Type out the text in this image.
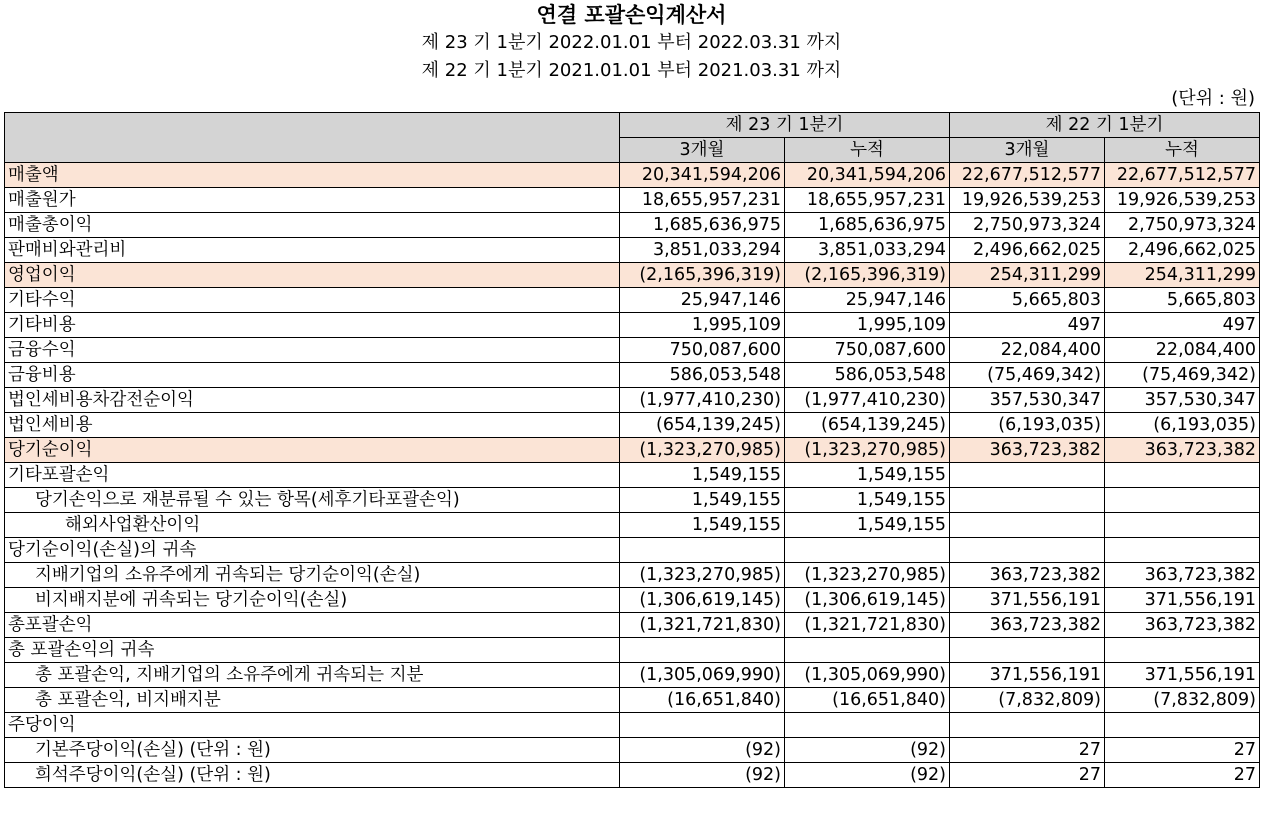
연결 포괄손익계산서
제 23 기 1분기 2022.01.01 부터 2022.03.31 까지
제 22 기 1분기 2021.01.01 부터 2021.03.31 까지
(단위 : 원)
	제 23 기 1분기		제 22 기 1분기	
	3개월	누적	3개월	누적
매출액	20,341,594,206	20,341,594,206	22,677,512,577	22,677,512,577
매출원가	18,655,957,231	18,655,957,231	19,926,539,253	19,926,539,253
매출총이익	1,685,636,975	1,685,636,975	2,750,973,324	2,750,973,324
판매비와관리비	3,851,033,294	3,851,033,294	2,496,662,025	2,496,662,025
영업이익	(2,165,396,319)	(2,165,396,319)	254,311,299	254,311,299
기타수익	25,947,146	25,947,146	5,665,803	5,665,803
기타비용	1,995,109	1,995,109	497	497
금융수익	750,087,600	750,087,600	22,084,400	22,084,400
금융비용	586,053,548	586,053,548	(75,469,342)	(75,469,342)
법인세비용차감전순이익	(1,977,410,230)	(1,977,410,230)	357,530,347	357,530,347
법인세비용	(654,139,245)	(654,139,245)	(6,193,035)	(6,193,035)
당기순이익	(1,323,270,985)	(1,323,270,985)	363,723,382	363,723,382
기타포괄손익	1,549,155	1,549,155		
당기손익으로 재분류될 수 있는 항목(세후기타포괄손익)	1,549,155	1,549,155		
해외사업환산이익	1,549,155	1,549,155		
당기순이익(손실)의 귀속				
지배기업의 소유주에게 귀속되는 당기순이익(손실)	(1,323,270,985)	(1,323,270,985)	363,723,382	363,723,382
비지배지분에 귀속되는 당기순이익(손실)	(1,306,619,145)	(1,306,619,145)	371,556,191	371,556,191
총포괄손익	(1,321,721,830)	(1,321,721,830)	363,723,382	363,723,382
총 포괄손익의 귀속				
총 포괄손익, 지배기업의 소유주에게 귀속되는 지분	(1,305,069,990)	(1,305,069,990)	371,556,191	371,556,191
총 포괄손익, 비지배지분	(16,651,840)	(16,651,840)	(7,832,809)	(7,832,809)
주당이익				
기본주당이익(손실) (단위 : 원)	(92)	(92)	27	27
희석주당이익(손실) (단위 : 원)	(92)	(92)	27	27
